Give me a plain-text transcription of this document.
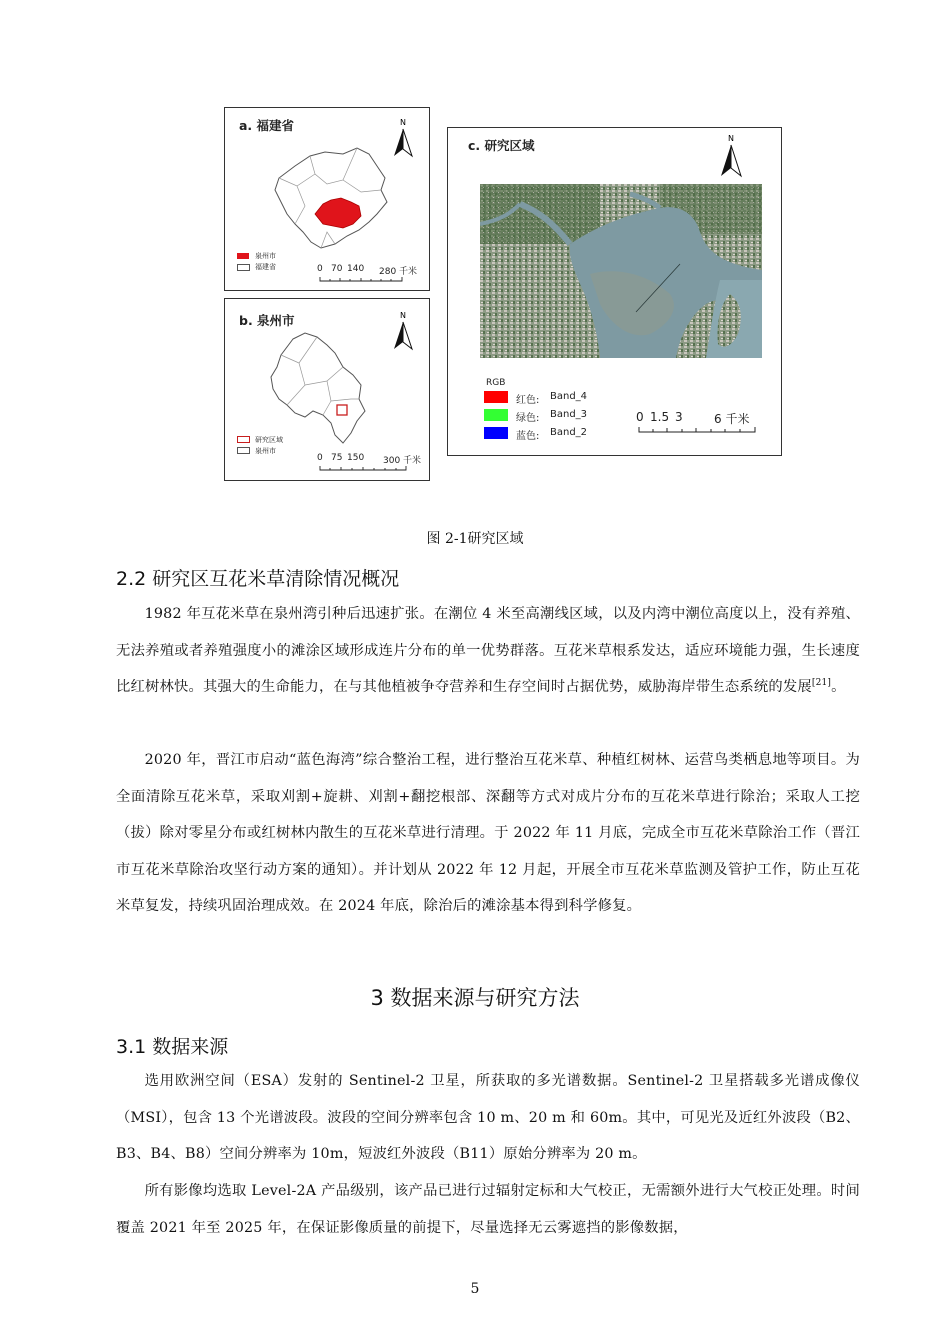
a. 福建省	N
泉州市
福建省	0 70 140 280 千米
b. 泉州市	N
研究区域
泉州市
0 75 150 300 千米
c. 研究区域	N
RGB
红色: Band_4
绿色: Band_3
蓝色: Band_2
0 1.5 3	6 千米
图 2-1研究区域
2.2 研究区互花米草清除情况概况

1982 年互花米草在泉州湾引种后迅速扩张。在潮位 4 米至高潮线区域，以及内湾中潮位高度以上，没有养殖、无法养殖或者养殖强度小的滩涂区域形成连片分布的单一优势群落。互花米草根系发达，适应环境能力强，生长速度比红树林快。其强大的生命能力，在与其他植被争夺营养和生存空间时占据优势，威胁海岸带生态系统的发展[21]。

2020 年，晋江市启动“蓝色海湾”综合整治工程，进行整治互花米草、种植红树林、运营鸟类栖息地等项目。为全面清除互花米草，采取刈割+旋耕、刈割+翻挖根部、深翻等方式对成片分布的互花米草进行除治；采取人工挖（拔）除对零星分布或红树林内散生的互花米草进行清理。于 2022 年 11 月底，完成全市互花米草除治工作（晋江市互花米草除治攻坚行动方案的通知）。并计划从 2022 年 12 月起，开展全市互花米草监测及管护工作，防止互花米草复发，持续巩固治理成效。在 2024 年底，除治后的滩涂基本得到科学修复。

3 数据来源与研究方法
3.1 数据来源

选用欧洲空间（ESA）发射的 Sentinel-2 卫星，所获取的多光谱数据。Sentinel-2 卫星搭载多光谱成像仪（MSI），包含 13 个光谱波段。波段的空间分辨率包含 10 m、20 m 和 60m。其中，可见光及近红外波段（B2、B3、B4、B8）空间分辨率为 10m，短波红外波段（B11）原始分辨率为 20 m。

所有影像均选取 Level-2A 产品级别，该产品已进行过辐射定标和大气校正，无需额外进行大气校正处理。时间覆盖 2021 年至 2025 年，在保证影像质量的前提下，尽量选择无云雾遮挡的影像数据，

5
